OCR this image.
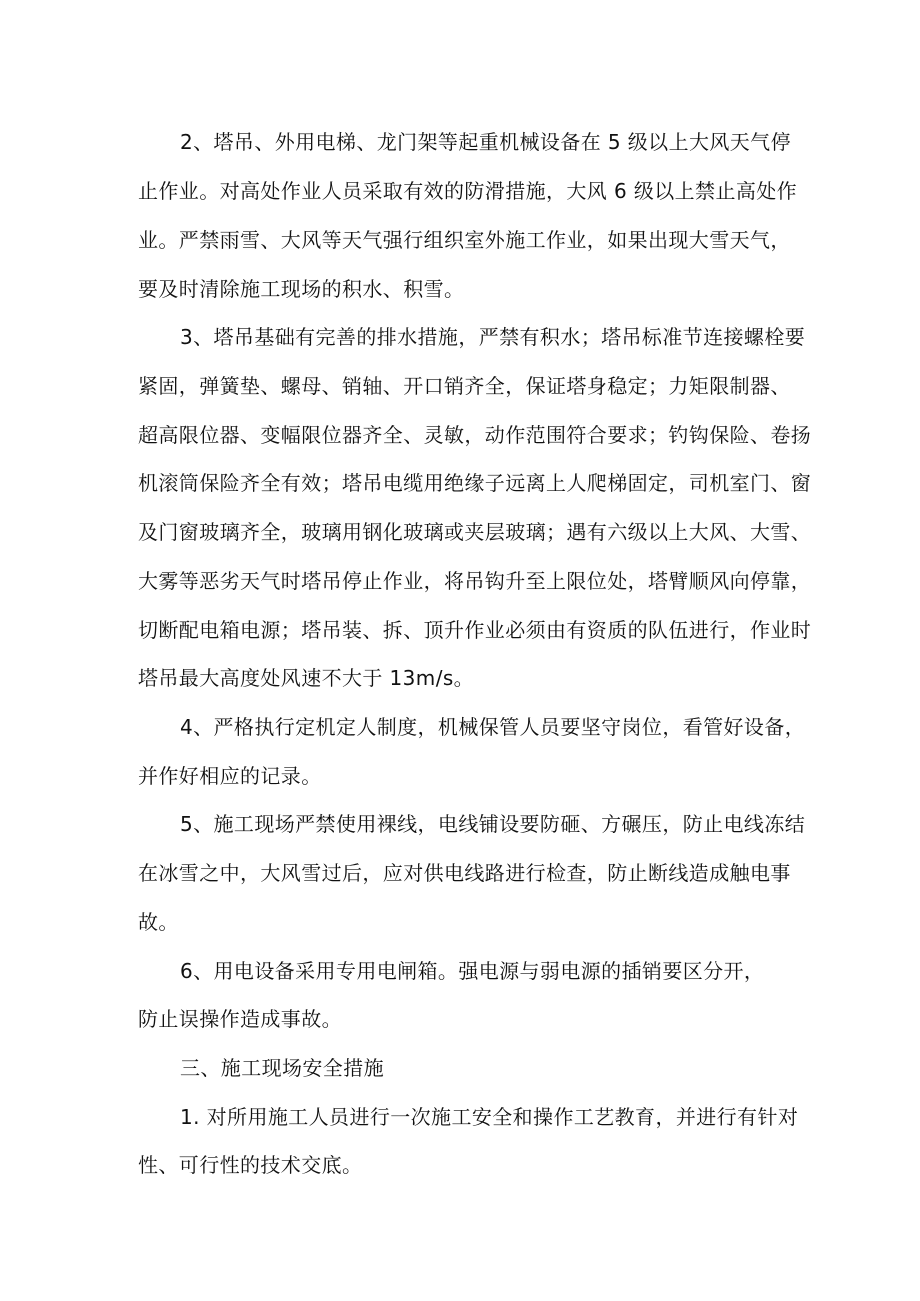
2、塔吊、外用电梯、龙门架等起重机械设备在 5 级以上大风天气停
止作业。对高处作业人员采取有效的防滑措施，大风 6 级以上禁止高处作
业。严禁雨雪、大风等天气强行组织室外施工作业，如果出现大雪天气，
要及时清除施工现场的积水、积雪。
3、塔吊基础有完善的排水措施，严禁有积水；塔吊标准节连接螺栓要
紧固，弹簧垫、螺母、销轴、开口销齐全，保证塔身稳定；力矩限制器、
超高限位器、变幅限位器齐全、灵敏，动作范围符合要求；钓钩保险、卷扬
机滚筒保险齐全有效；塔吊电缆用绝缘子远离上人爬梯固定，司机室门、窗
及门窗玻璃齐全，玻璃用钢化玻璃或夹层玻璃；遇有六级以上大风、大雪、
大雾等恶劣天气时塔吊停止作业，将吊钩升至上限位处，塔臂顺风向停靠，
切断配电箱电源；塔吊装、拆、顶升作业必须由有资质的队伍进行，作业时
塔吊最大高度处风速不大于 13m/s。
4、严格执行定机定人制度，机械保管人员要坚守岗位，看管好设备，
并作好相应的记录。
5、施工现场严禁使用裸线，电线铺设要防砸、方碾压，防止电线冻结
在冰雪之中，大风雪过后，应对供电线路进行检查，防止断线造成触电事
故。
6、用电设备采用专用电闸箱。强电源与弱电源的插销要区分开，
防止误操作造成事故。
三、施工现场安全措施
1. 对所用施工人员进行一次施工安全和操作工艺教育，并进行有针对
性、可行性的技术交底。
